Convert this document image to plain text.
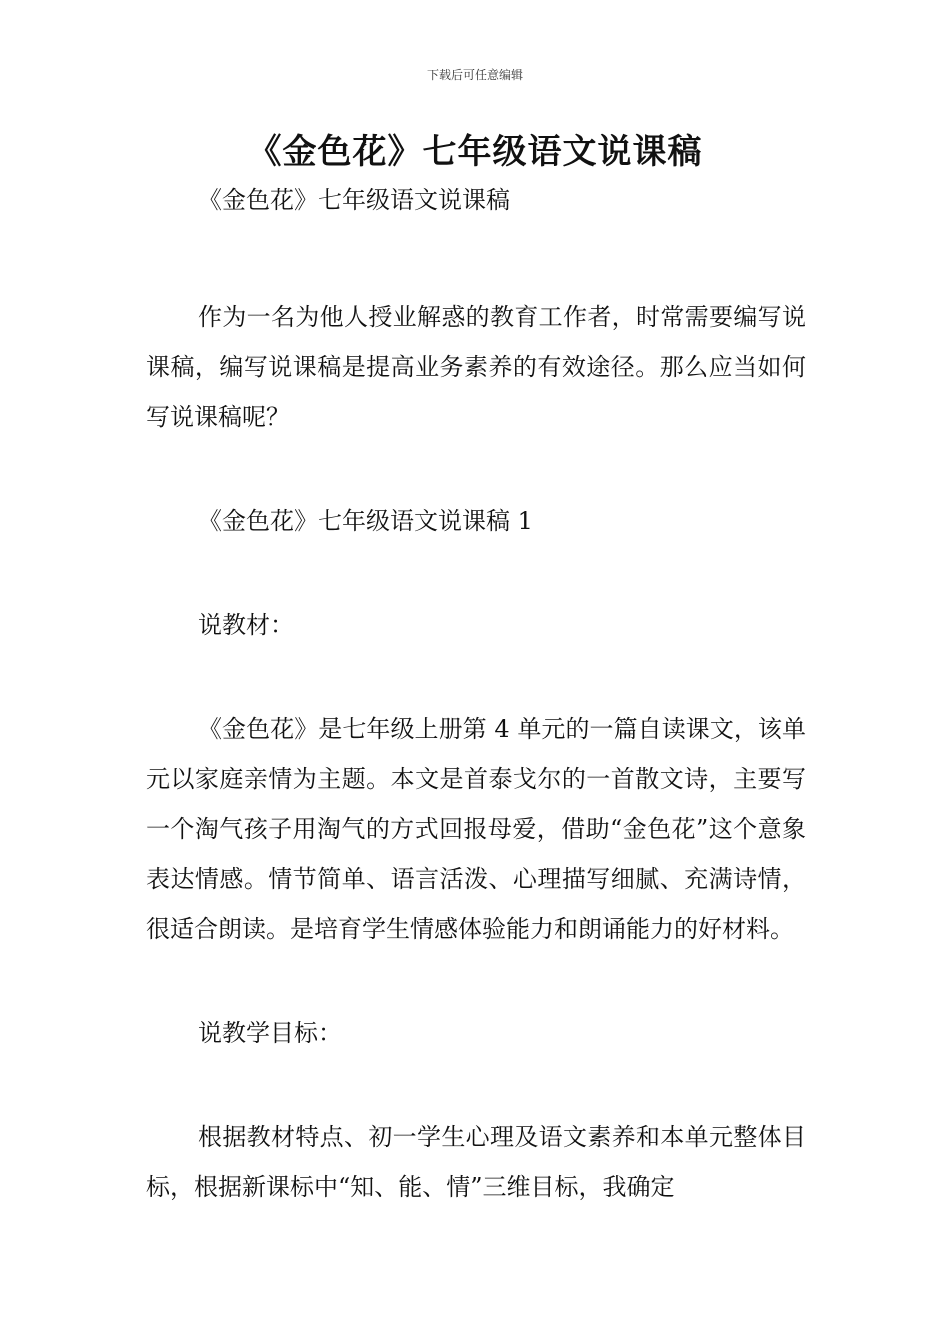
下载后可任意编辑
《金色花》七年级语文说课稿

《金色花》七年级语文说课稿

作为一名为他人授业解惑的教育工作者，时常需要编写说课稿，编写说课稿是提高业务素养的有效途径。那么应当如何写说课稿呢？

《金色花》七年级语文说课稿 1

说教材：

《金色花》是七年级上册第 4 单元的一篇自读课文，该单元以家庭亲情为主题。本文是首泰戈尔的一首散文诗，主要写一个淘气孩子用淘气的方式回报母爱，借助“金色花”这个意象表达情感。情节简单、语言活泼、心理描写细腻、充满诗情，很适合朗读。是培育学生情感体验能力和朗诵能力的好材料。

说教学目标：

根据教材特点、初一学生心理及语文素养和本单元整体目标，根据新课标中“知、能、情”三维目标，我确定
